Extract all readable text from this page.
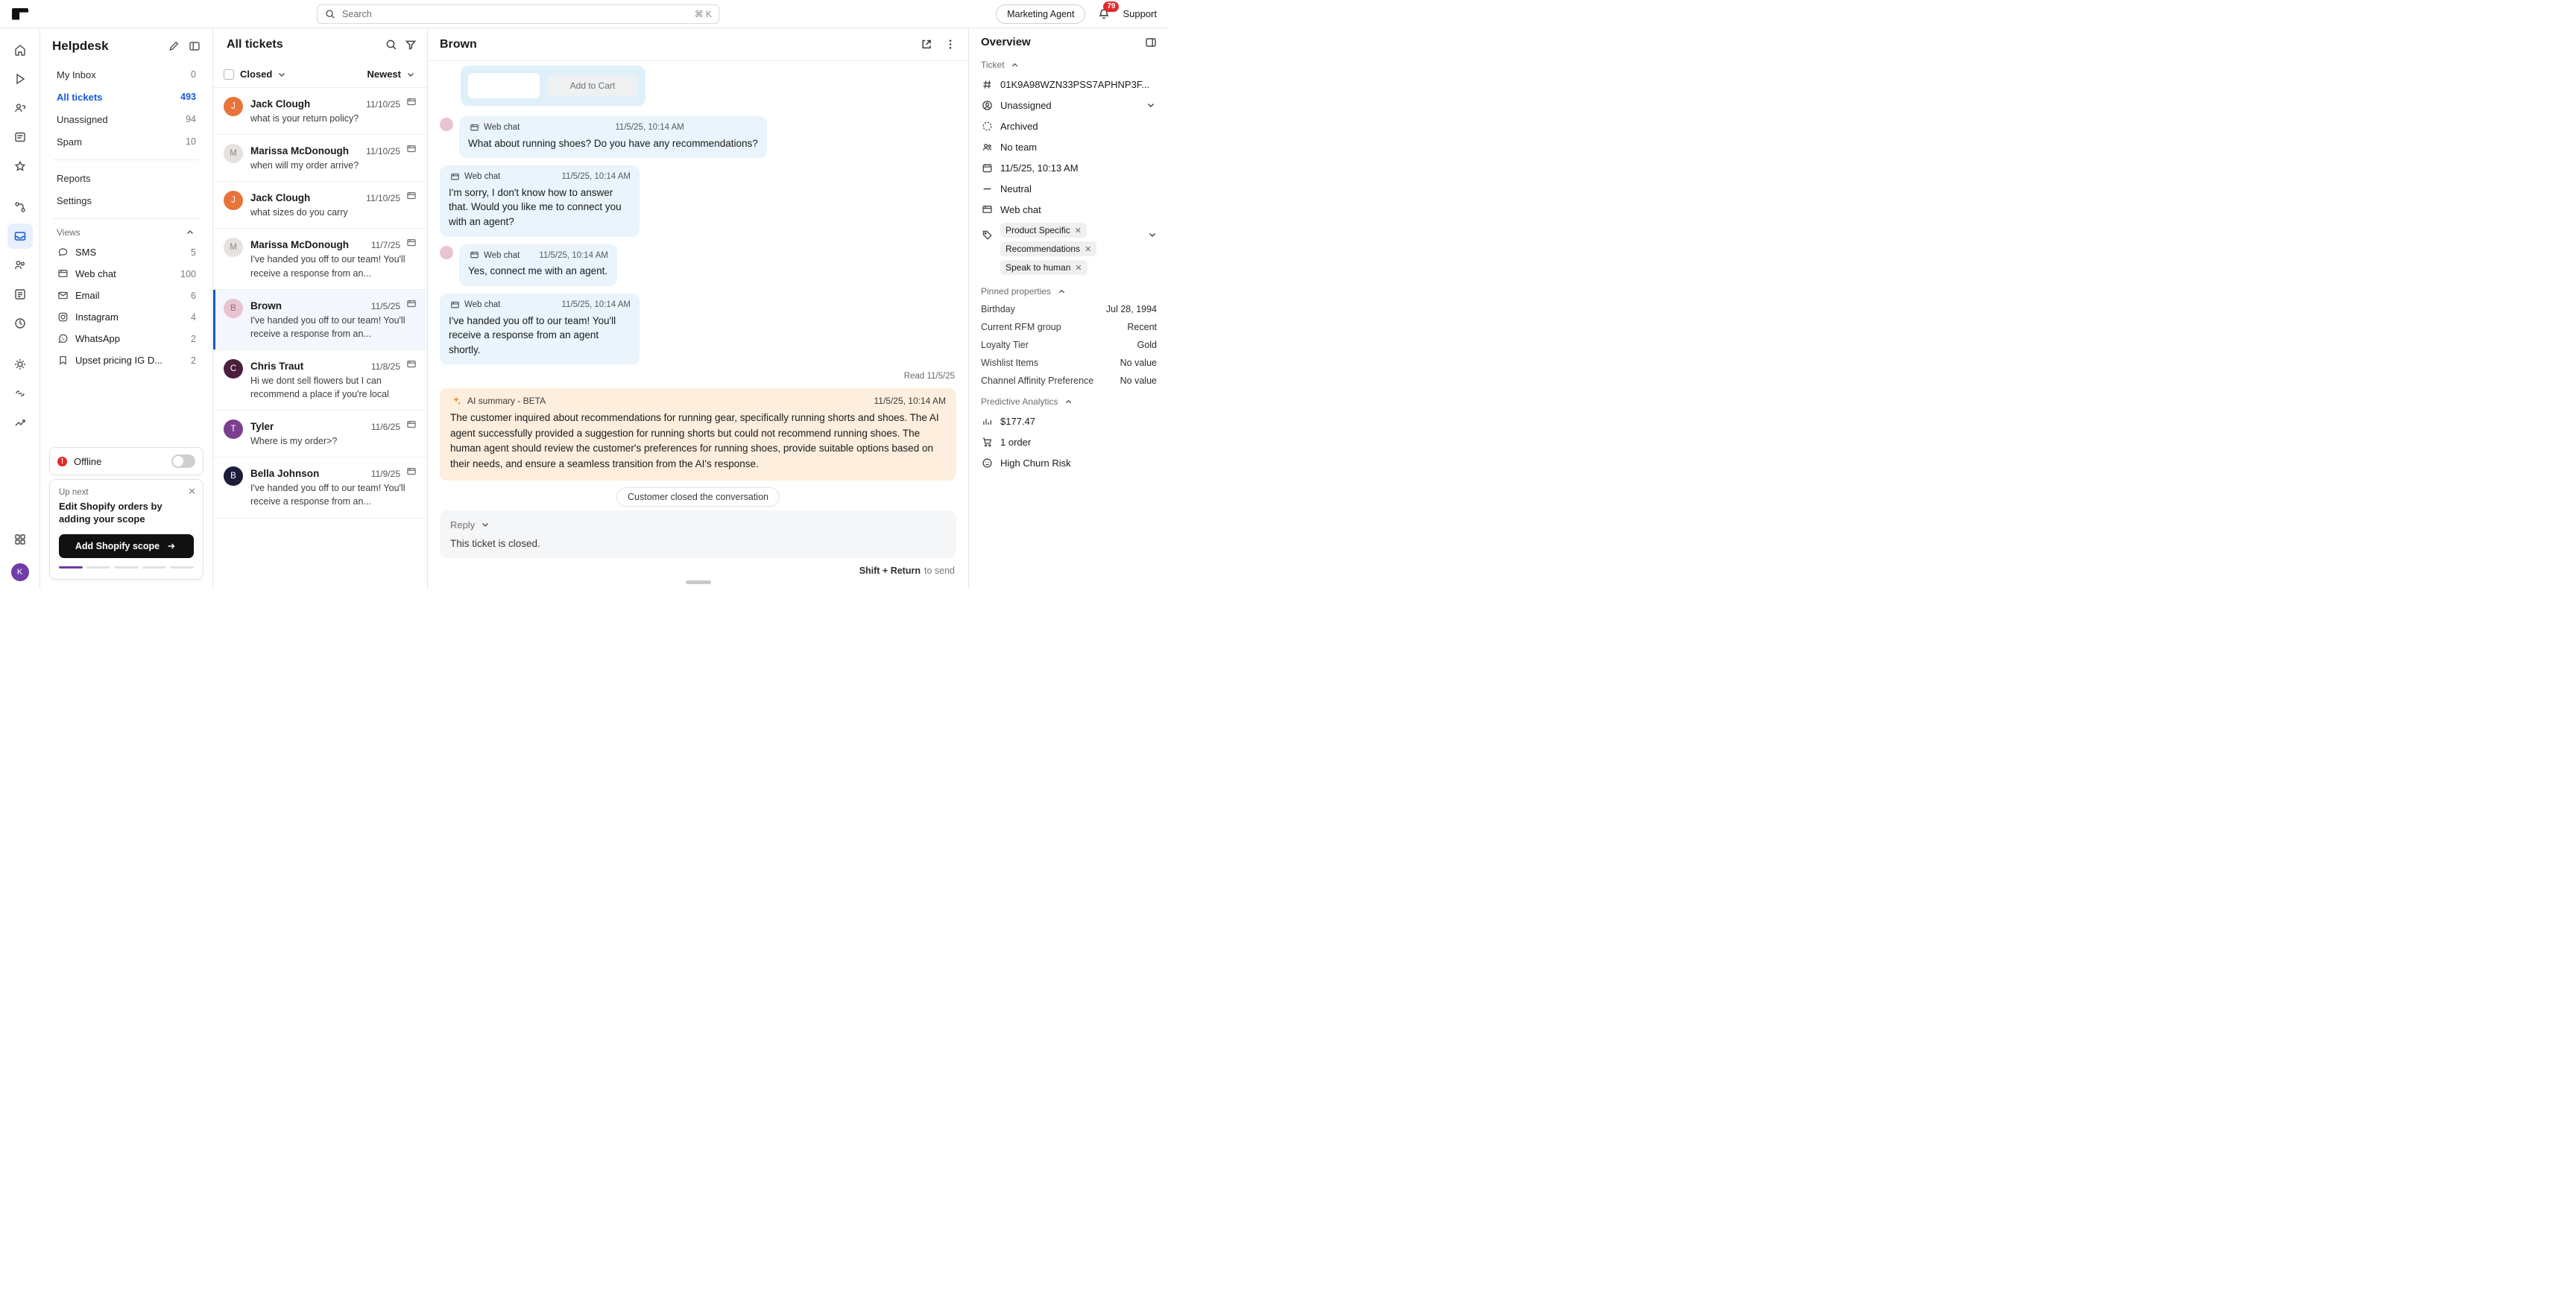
Search	⌘ K	Marketing Agent
79
Support
K
Helpdesk
My Inbox	0
All tickets	493
Unassigned	94
Spam	10
Reports
Settings
Views
SMS	5
Web chat	100
Email	6
Instagram	4
WhatsApp	2
Upset pricing IG D...	2
!	Offline
✕
Up next
Edit Shopify orders by adding your scope
Add Shopify scope
All tickets
Closed	Newest
J	Jack Clough	11/10/25
what is your return policy?
M	Marissa McDonough	11/10/25
when will my order arrive?
J	Jack Clough	11/10/25
what sizes do you carry
M	Marissa McDonough	11/7/25
I've handed you off to our team! You'll receive a response from an...
B	Brown	11/5/25
I've handed you off to our team! You'll receive a response from an...
C	Chris Traut	11/8/25
Hi we dont sell flowers but I can recommend a place if you're local
T	Tyler	11/6/25
Where is my order>?
B	Bella Johnson	11/9/25
I've handed you off to our team! You'll receive a response from an...
Brown
Add to Cart
Web chat	11/5/25, 10:14 AM
What about running shoes? Do you have any recommendations?
Web chat	11/5/25, 10:14 AM
I'm sorry, I don't know how to answer that. Would you like me to connect you with an agent?
Web chat 11/5/25, 10:14 AM
Yes, connect me with an agent.
Web chat	11/5/25, 10:14 AM
I've handed you off to our team! You'll receive a response from an agent shortly.
Read 11/5/25
AI summary - BETA	11/5/25, 10:14 AM
The customer inquired about recommendations for running gear, specifically running shorts and shoes. The AI agent successfully provided a suggestion for running shorts but could not recommend running shoes. The human agent should review the customer's preferences for running shoes, provide suitable options based on their needs, and ensure a seamless transition from the AI's response.
Customer closed the conversation
Reply
This ticket is closed.
Shift + Return to send
Overview
Ticket
01K9A98WZN33PSS7APHNP3F...
Unassigned
Archived
No team
11/5/25, 10:13 AM
Neutral
Web chat
Product Specific ✕
Recommendations ✕
Speak to human ✕
Pinned properties
Birthday	Jul 28, 1994
Current RFM group	Recent
Loyalty Tier	Gold
Wishlist Items	No value
Channel Affinity Preference	No value
Predictive Analytics
$177.47
1 order
High Churn Risk
